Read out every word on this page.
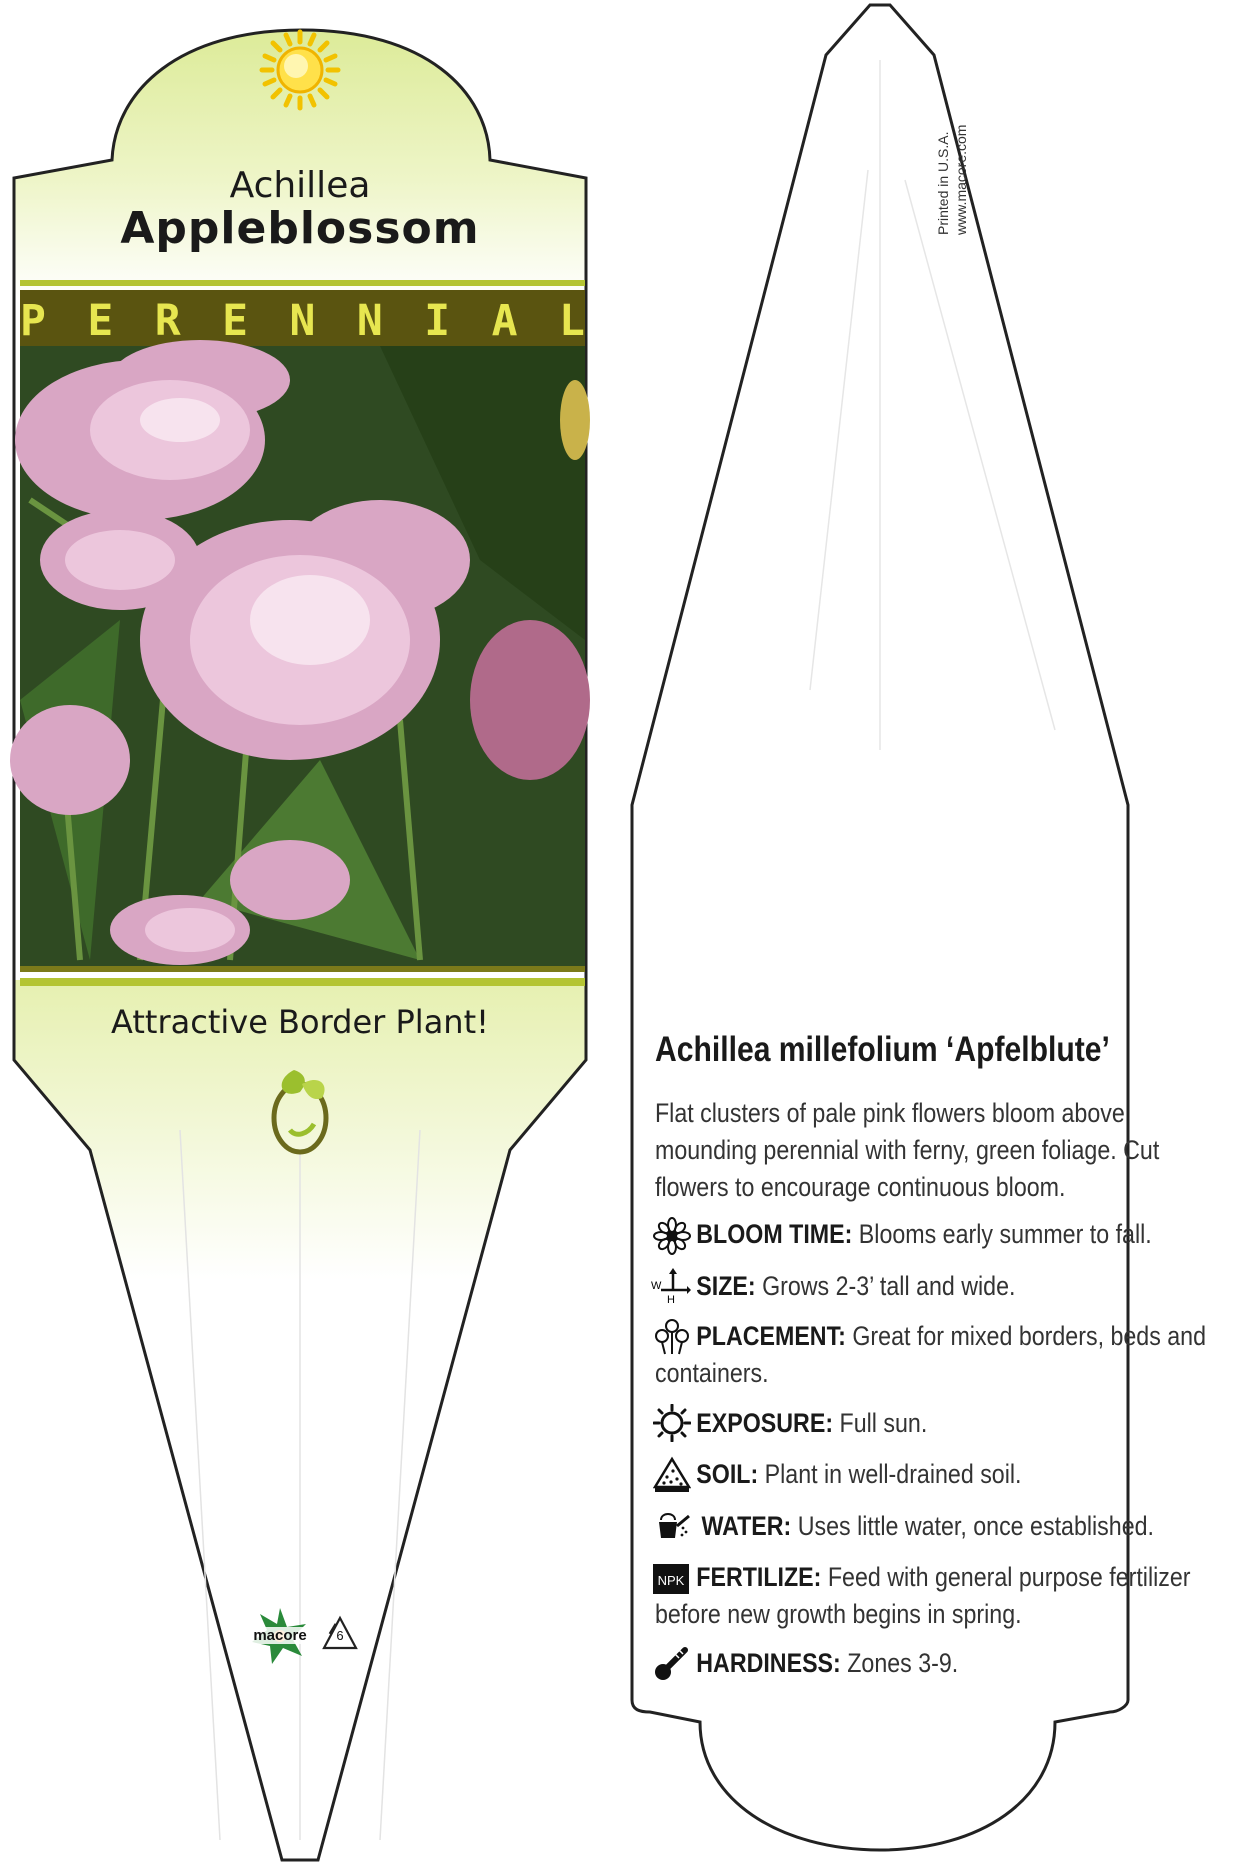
Achillea
Appleblossom
P E R E N N I A L
Attractive Border Plant!
macore	6
Printed in U.S.A. www.macore.com
Achillea millefolium ‘Apfelblute’
Flat clusters of pale pink flowers bloom above mounding perennial with ferny, green foliage. Cut flowers to encourage continuous bloom.
BLOOM TIME: Blooms early summer to fall.
SIZE: Grows 2-3’ tall and wide.
PLACEMENT: Great for mixed borders, beds and containers.
EXPOSURE: Full sun.
SOIL: Plant in well-drained soil.
WATER: Uses little water, once established.
FERTILIZE: Feed with general purpose fertilizer before new growth begins in spring.
HARDINESS: Zones 3-9.
W
H
NPK
